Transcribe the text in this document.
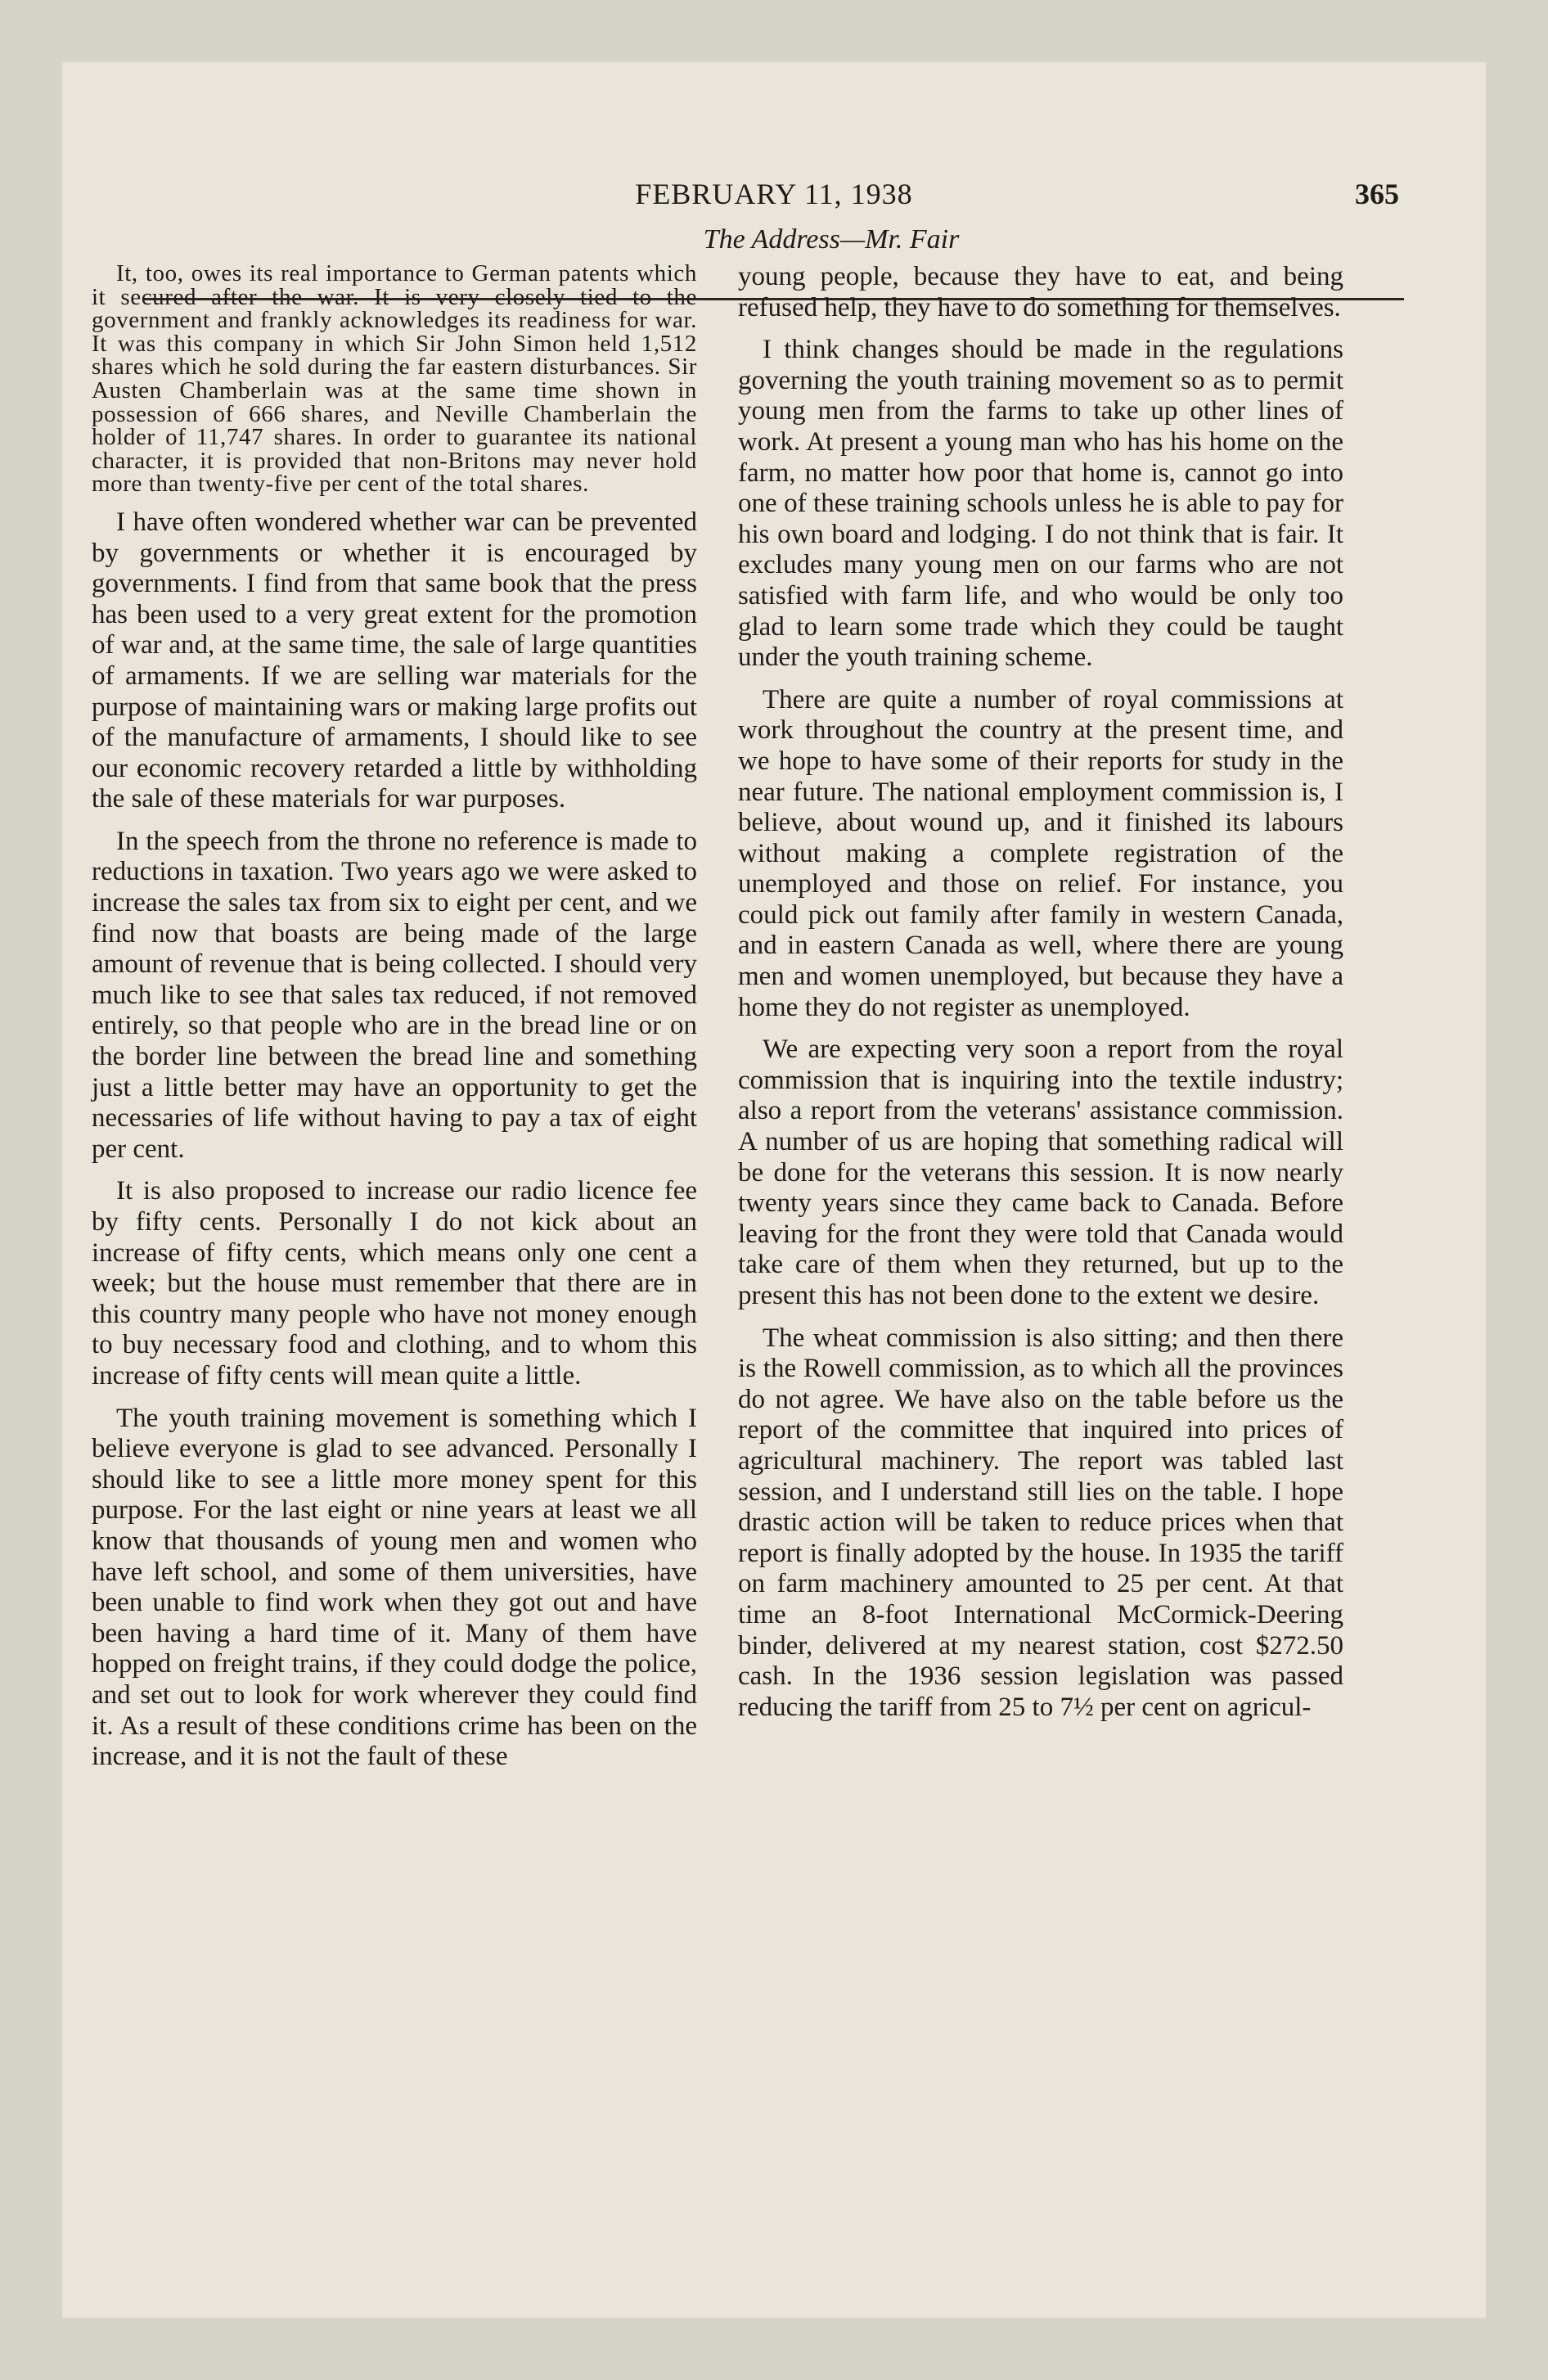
FEBRUARY 11, 1938	365
The Address—Mr. Fair

It, too, owes its real importance to German patents which it secured after the war. It is very closely tied to the government and frankly acknowledges its readiness for war. It was this company in which Sir John Simon held 1,512 shares which he sold during the far eastern disturbances. Sir Austen Chamberlain was at the same time shown in possession of 666 shares, and Neville Chamberlain the holder of 11,747 shares. In order to guarantee its national character, it is provided that non-Britons may never hold more than twenty-five per cent of the total shares.

I have often wondered whether war can be prevented by governments or whether it is encouraged by governments. I find from that same book that the press has been used to a very great extent for the promotion of war and, at the same time, the sale of large quantities of armaments. If we are selling war materials for the purpose of maintaining wars or making large profits out of the manufacture of armaments, I should like to see our economic recovery retarded a little by withholding the sale of these materials for war purposes.

In the speech from the throne no reference is made to reductions in taxation. Two years ago we were asked to increase the sales tax from six to eight per cent, and we find now that boasts are being made of the large amount of revenue that is being collected. I should very much like to see that sales tax reduced, if not removed entirely, so that people who are in the bread line or on the border line between the bread line and something just a little better may have an opportunity to get the necessaries of life without having to pay a tax of eight per cent.

It is also proposed to increase our radio licence fee by fifty cents. Personally I do not kick about an increase of fifty cents, which means only one cent a week; but the house must remember that there are in this country many people who have not money enough to buy necessary food and clothing, and to whom this increase of fifty cents will mean quite a little.

The youth training movement is something which I believe everyone is glad to see advanced. Personally I should like to see a little more money spent for this purpose. For the last eight or nine years at least we all know that thousands of young men and women who have left school, and some of them universities, have been unable to find work when they got out and have been having a hard time of it. Many of them have hopped on freight trains, if they could dodge the police, and set out to look for work wherever they could find it. As a result of these conditions crime has been on the increase, and it is not the fault of these

young people, because they have to eat, and being refused help, they have to do something for themselves.

I think changes should be made in the regulations governing the youth training movement so as to permit young men from the farms to take up other lines of work. At present a young man who has his home on the farm, no matter how poor that home is, cannot go into one of these training schools unless he is able to pay for his own board and lodging. I do not think that is fair. It excludes many young men on our farms who are not satisfied with farm life, and who would be only too glad to learn some trade which they could be taught under the youth training scheme.

There are quite a number of royal commissions at work throughout the country at the present time, and we hope to have some of their reports for study in the near future. The national employment commission is, I believe, about wound up, and it finished its labours without making a complete registration of the unemployed and those on relief. For instance, you could pick out family after family in western Canada, and in eastern Canada as well, where there are young men and women unemployed, but because they have a home they do not register as unemployed.

We are expecting very soon a report from the royal commission that is inquiring into the textile industry; also a report from the veterans' assistance commission. A number of us are hoping that something radical will be done for the veterans this session. It is now nearly twenty years since they came back to Canada. Before leaving for the front they were told that Canada would take care of them when they returned, but up to the present this has not been done to the extent we desire.

The wheat commission is also sitting; and then there is the Rowell commission, as to which all the provinces do not agree. We have also on the table before us the report of the committee that inquired into prices of agricultural machinery. The report was tabled last session, and I understand still lies on the table. I hope drastic action will be taken to reduce prices when that report is finally adopted by the house. In 1935 the tariff on farm machinery amounted to 25 per cent. At that time an 8-foot International McCormick-Deering binder, delivered at my nearest station, cost $272.50 cash. In the 1936 session legislation was passed reducing the tariff from 25 to 7½ per cent on agricul-
